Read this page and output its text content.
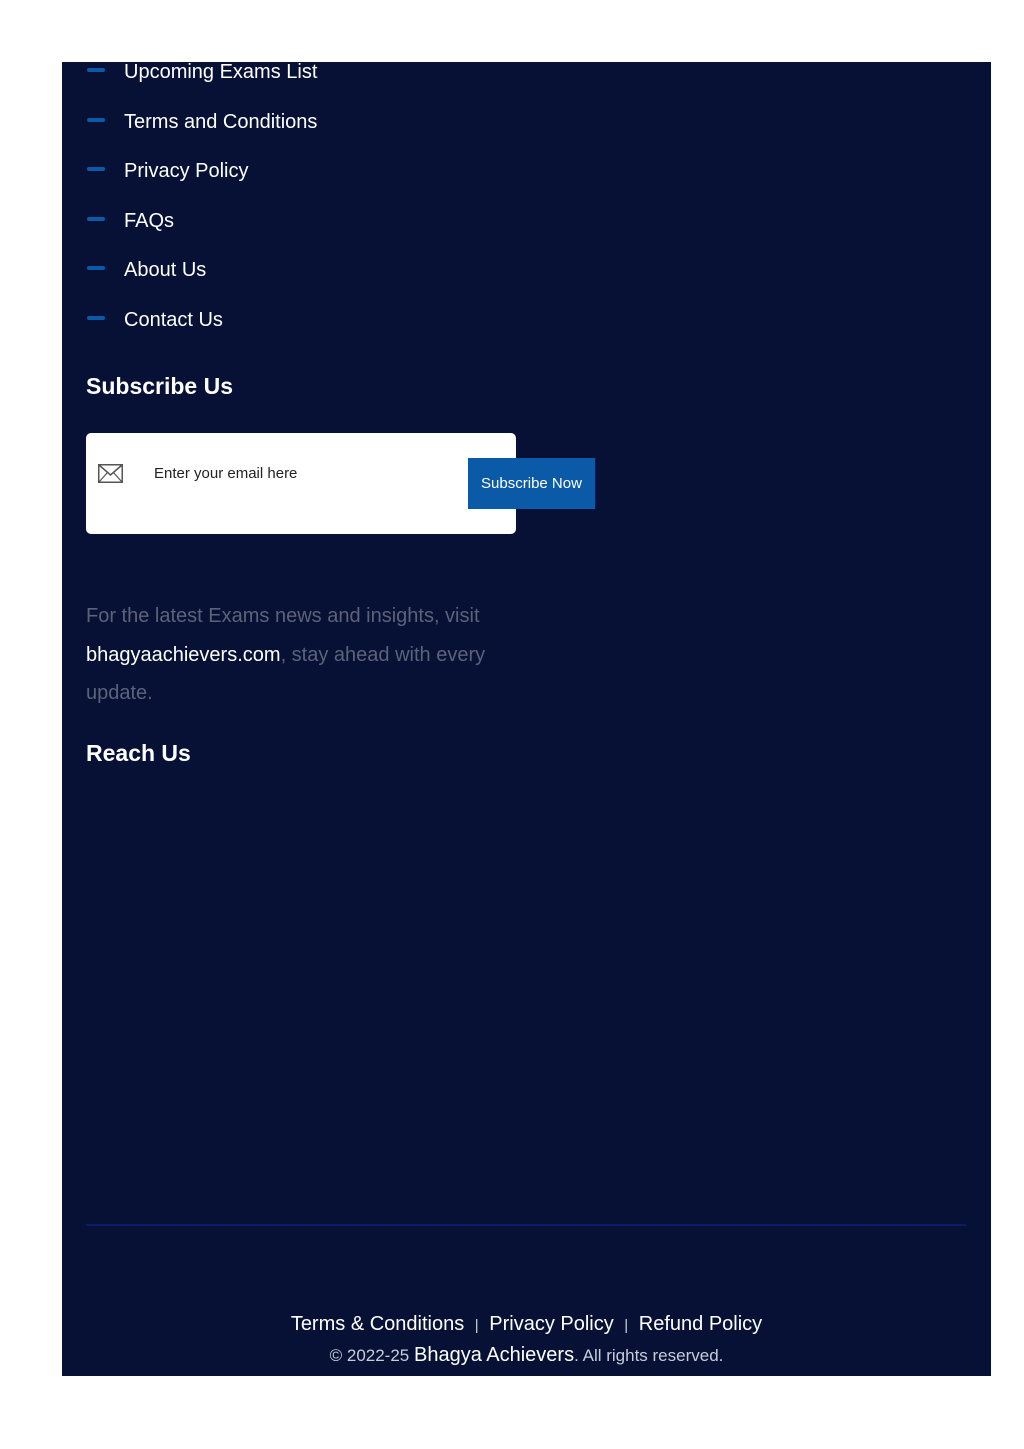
Upcoming Exams List
Terms and Conditions
Privacy Policy
FAQs
About Us
Contact Us
Subscribe Us
Enter your email here
Subscribe Now

For the latest Exams news and insights, visit bhagyaachievers.com, stay ahead with every update.

Reach Us
Terms & Conditions | Privacy Policy | Refund Policy
© 2022-25 Bhagya Achievers. All rights reserved.
